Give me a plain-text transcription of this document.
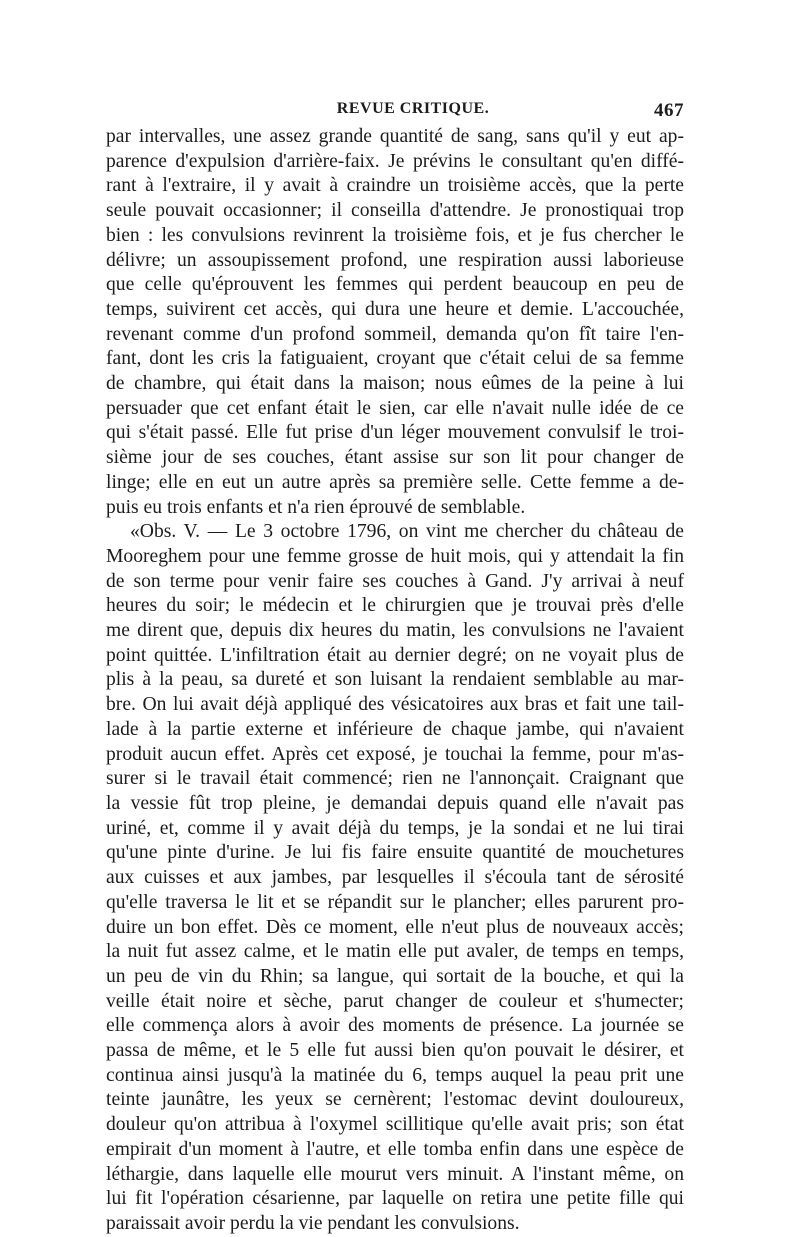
REVUE CRITIQUE.	467
par intervalles, une assez grande quantité de sang, sans qu'il y eut ap-
parence d'expulsion d'arrière-faix. Je prévins le consultant qu'en diffé-
rant à l'extraire, il y avait à craindre un troisième accès, que la perte
seule pouvait occasionner; il conseilla d'attendre. Je pronostiquai trop
bien : les convulsions revinrent la troisième fois, et je fus chercher le
délivre; un assoupissement profond, une respiration aussi laborieuse
que celle qu'éprouvent les femmes qui perdent beaucoup en peu de
temps, suivirent cet accès, qui dura une heure et demie. L'accouchée,
revenant comme d'un profond sommeil, demanda qu'on fît taire l'en-
fant, dont les cris la fatiguaient, croyant que c'était celui de sa femme
de chambre, qui était dans la maison; nous eûmes de la peine à lui
persuader que cet enfant était le sien, car elle n'avait nulle idée de ce
qui s'était passé. Elle fut prise d'un léger mouvement convulsif le troi-
sième jour de ses couches, étant assise sur son lit pour changer de
linge; elle en eut un autre après sa première selle. Cette femme a de-
puis eu trois enfants et n'a rien éprouvé de semblable.
«Obs. V. — Le 3 octobre 1796, on vint me chercher du château de
Mooreghem pour une femme grosse de huit mois, qui y attendait la fin
de son terme pour venir faire ses couches à Gand. J'y arrivai à neuf
heures du soir; le médecin et le chirurgien que je trouvai près d'elle
me dirent que, depuis dix heures du matin, les convulsions ne l'avaient
point quittée. L'infiltration était au dernier degré; on ne voyait plus de
plis à la peau, sa dureté et son luisant la rendaient semblable au mar-
bre. On lui avait déjà appliqué des vésicatoires aux bras et fait une tail-
lade à la partie externe et inférieure de chaque jambe, qui n'avaient
produit aucun effet. Après cet exposé, je touchai la femme, pour m'as-
surer si le travail était commencé; rien ne l'annonçait. Craignant que
la vessie fût trop pleine, je demandai depuis quand elle n'avait pas
uriné, et, comme il y avait déjà du temps, je la sondai et ne lui tirai
qu'une pinte d'urine. Je lui fis faire ensuite quantité de mouchetures
aux cuisses et aux jambes, par lesquelles il s'écoula tant de sérosité
qu'elle traversa le lit et se répandit sur le plancher; elles parurent pro-
duire un bon effet. Dès ce moment, elle n'eut plus de nouveaux accès;
la nuit fut assez calme, et le matin elle put avaler, de temps en temps,
un peu de vin du Rhin; sa langue, qui sortait de la bouche, et qui la
veille était noire et sèche, parut changer de couleur et s'humecter;
elle commença alors à avoir des moments de présence. La journée se
passa de même, et le 5 elle fut aussi bien qu'on pouvait le désirer, et
continua ainsi jusqu'à la matinée du 6, temps auquel la peau prit une
teinte jaunâtre, les yeux se cernèrent; l'estomac devint douloureux,
douleur qu'on attribua à l'oxymel scillitique qu'elle avait pris; son état
empirait d'un moment à l'autre, et elle tomba enfin dans une espèce de
léthargie, dans laquelle elle mourut vers minuit. A l'instant même, on
lui fit l'opération césarienne, par laquelle on retira une petite fille qui
paraissait avoir perdu la vie pendant les convulsions.
